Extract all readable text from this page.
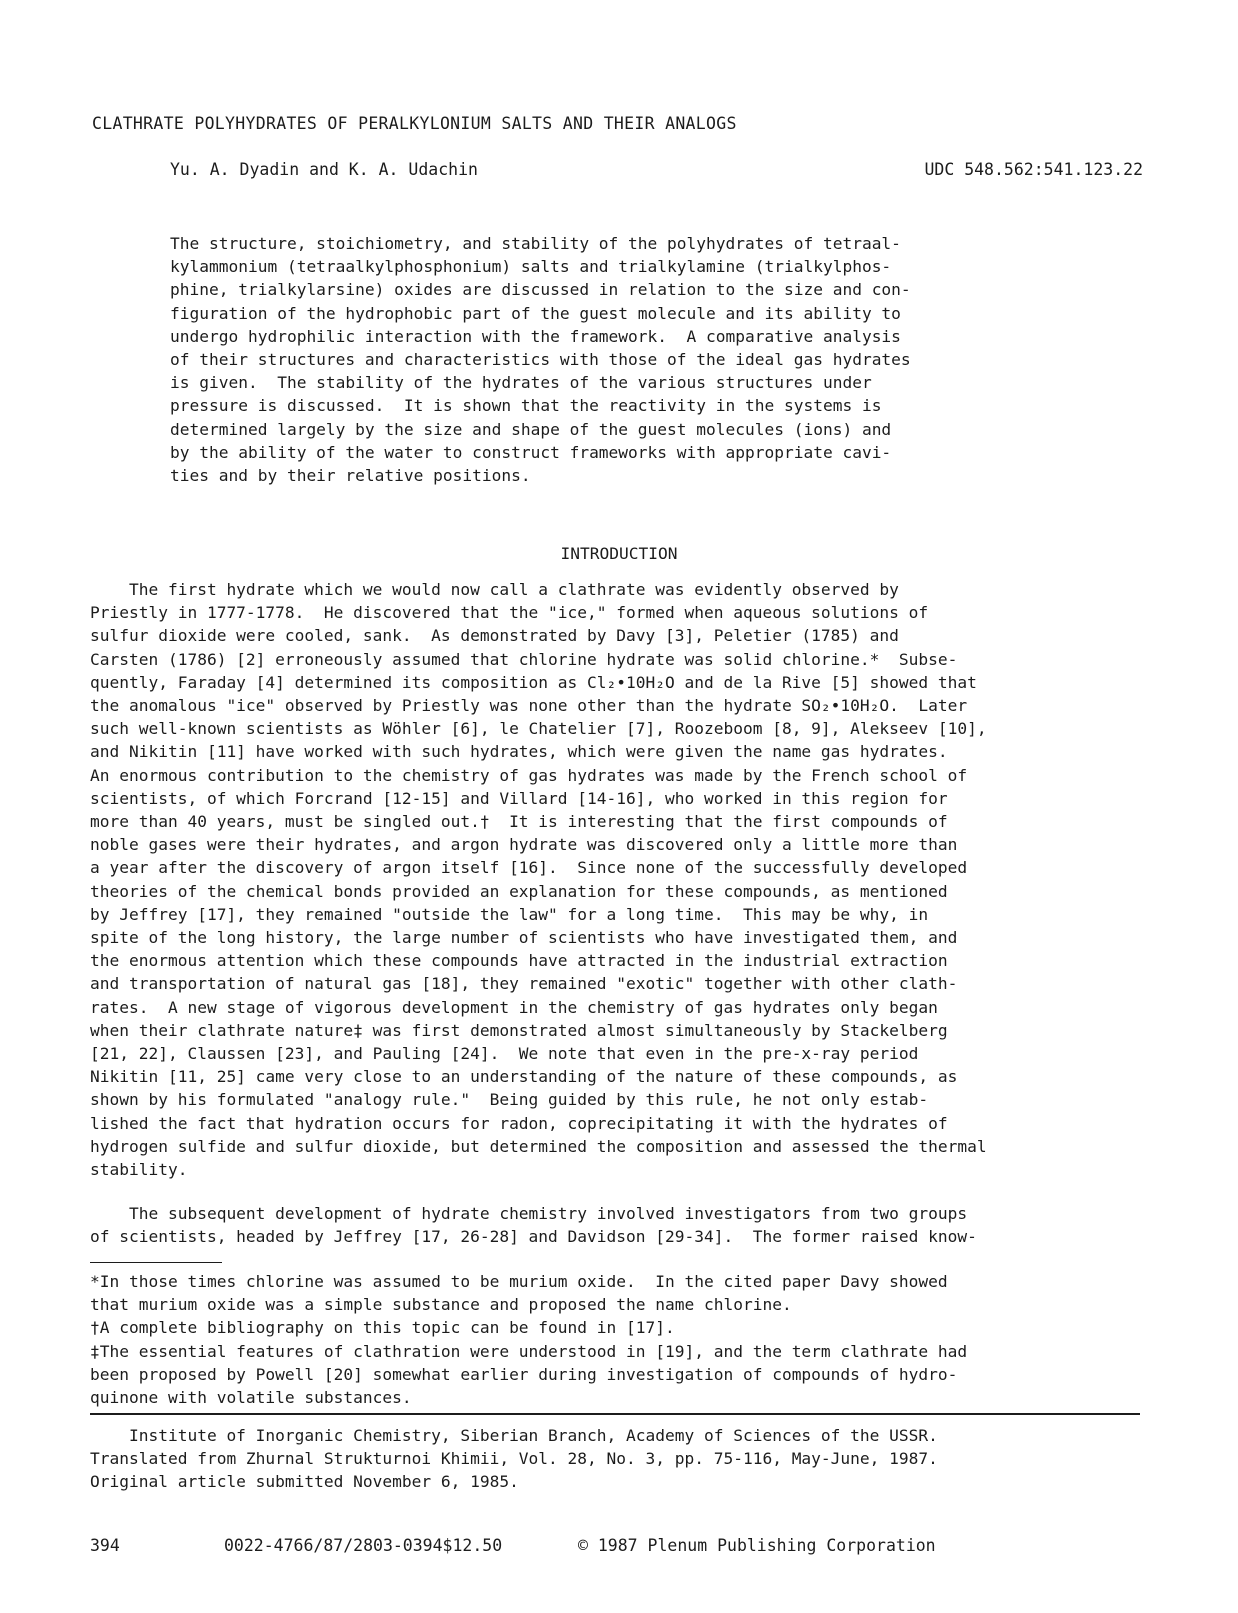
CLATHRATE POLYHYDRATES OF PERALKYLONIUM SALTS AND THEIR ANALOGS
Yu. A. Dyadin and K. A. Udachin	UDC 548.562:541.123.22
The structure, stoichiometry, and stability of the polyhydrates of tetraal-
kylammonium (tetraalkylphosphonium) salts and trialkylamine (trialkylphos-
phine, trialkylarsine) oxides are discussed in relation to the size and con-
figuration of the hydrophobic part of the guest molecule and its ability to
undergo hydrophilic interaction with the framework.  A comparative analysis
of their structures and characteristics with those of the ideal gas hydrates
is given.  The stability of the hydrates of the various structures under
pressure is discussed.  It is shown that the reactivity in the systems is
determined largely by the size and shape of the guest molecules (ions) and
by the ability of the water to construct frameworks with appropriate cavi-
ties and by their relative positions.
INTRODUCTION
The first hydrate which we would now call a clathrate was evidently observed by
Priestly in 1777-1778.  He discovered that the "ice," formed when aqueous solutions of
sulfur dioxide were cooled, sank.  As demonstrated by Davy [3], Peletier (1785) and
Carsten (1786) [2] erroneously assumed that chlorine hydrate was solid chlorine.*  Subse-
quently, Faraday [4] determined its composition as Cl₂•10H₂O and de la Rive [5] showed that
the anomalous "ice" observed by Priestly was none other than the hydrate SO₂•10H₂O.  Later
such well-known scientists as Wöhler [6], le Chatelier [7], Roozeboom [8, 9], Alekseev [10],
and Nikitin [11] have worked with such hydrates, which were given the name gas hydrates.
An enormous contribution to the chemistry of gas hydrates was made by the French school of
scientists, of which Forcrand [12-15] and Villard [14-16], who worked in this region for
more than 40 years, must be singled out.†  It is interesting that the first compounds of
noble gases were their hydrates, and argon hydrate was discovered only a little more than
a year after the discovery of argon itself [16].  Since none of the successfully developed
theories of the chemical bonds provided an explanation for these compounds, as mentioned
by Jeffrey [17], they remained "outside the law" for a long time.  This may be why, in
spite of the long history, the large number of scientists who have investigated them, and
the enormous attention which these compounds have attracted in the industrial extraction
and transportation of natural gas [18], they remained "exotic" together with other clath-
rates.  A new stage of vigorous development in the chemistry of gas hydrates only began
when their clathrate nature‡ was first demonstrated almost simultaneously by Stackelberg
[21, 22], Claussen [23], and Pauling [24].  We note that even in the pre-x-ray period
Nikitin [11, 25] came very close to an understanding of the nature of these compounds, as
shown by his formulated "analogy rule."  Being guided by this rule, he not only estab-
lished the fact that hydration occurs for radon, coprecipitating it with the hydrates of
hydrogen sulfide and sulfur dioxide, but determined the composition and assessed the thermal
stability.
The subsequent development of hydrate chemistry involved investigators from two groups
of scientists, headed by Jeffrey [17, 26-28] and Davidson [29-34].  The former raised know-
*In those times chlorine was assumed to be murium oxide.  In the cited paper Davy showed
that murium oxide was a simple substance and proposed the name chlorine.
†A complete bibliography on this topic can be found in [17].
‡The essential features of clathration were understood in [19], and the term clathrate had
been proposed by Powell [20] somewhat earlier during investigation of compounds of hydro-
quinone with volatile substances.
Institute of Inorganic Chemistry, Siberian Branch, Academy of Sciences of the USSR.
Translated from Zhurnal Strukturnoi Khimii, Vol. 28, No. 3, pp. 75-116, May-June, 1987.
Original article submitted November 6, 1985.
394	0022-4766/87/2803-0394$12.50	© 1987 Plenum Publishing Corporation
